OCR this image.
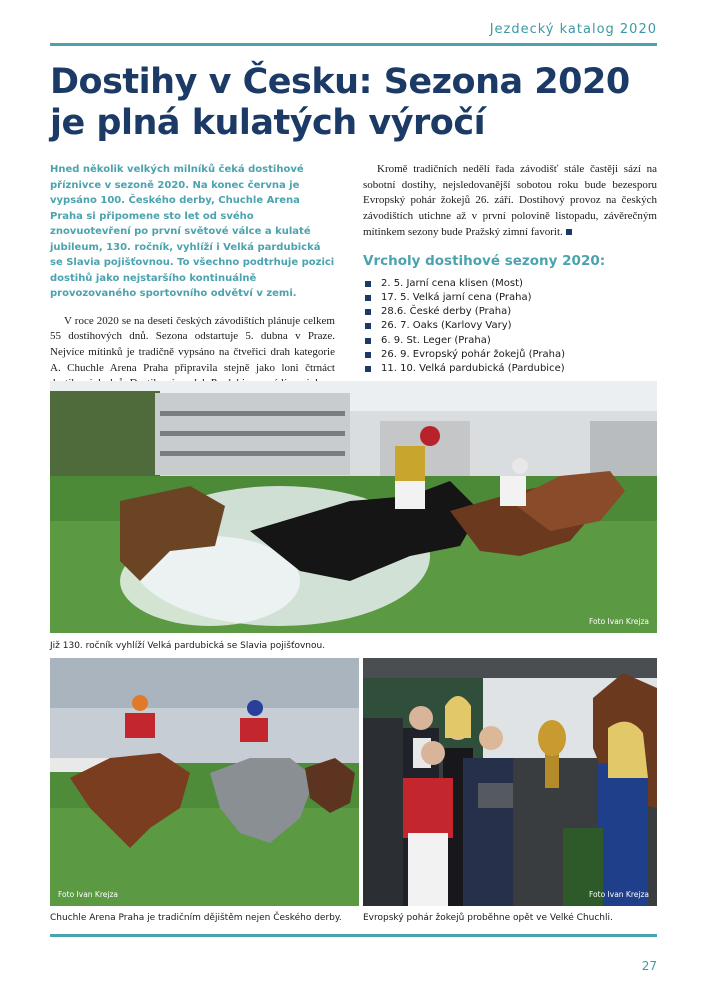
Jezdecký katalog 2020
Dostihy v Česku: Sezona 2020 je plná kulatých výročí

Hned několik velkých milníků čeká dostihové příznivce v sezoně 2020. Na konec června je vypsáno 100. Českého derby, Chuchle Arena Praha si připomene sto let od svého znovuotevření po první světové válce a kulaté jubileum, 130. ročník, vyhlíží i Velká pardubická se Slavia pojišťovnou. To všechno podtrhuje pozici dostihů jako nejstaršího kontinuálně provozovaného sportovního odvětví v zemi.

V roce 2020 se na deseti českých závodištích plánuje celkem 55 dostihových dnů. Sezona odstartuje 5. dubna v Praze. Nejvíce mítinků je tradičně vypsáno na čtveřici drah kategorie A. Chuchle Arena Praha připravila stejně jako loni čtrnáct

Kromě tradičních nedělí řada závodišť stále častěji sází na sobotní dostihy, nejsledovanější sobotou roku bude bezesporu Evropský pohár žokejů 26. září. Dostihový provoz na českých závodištích utichne až v první polovině listopadu, závěrečným mítinkem sezony bude Pražský zimní favorit.

Vrcholy dostihové sezony 2020:
2. 5. Jarní cena klisen (Most)
17. 5. Velká jarní cena (Praha)
28.6. České derby (Praha)
26. 7. Oaks (Karlovy Vary)
6. 9. St. Leger (Praha)
26. 9. Evropský pohár žokejů (Praha)
11. 10. Velká pardubická (Pardubice)
Foto Ivan Krejza
Již 130. ročník vyhlíží Velká pardubická se Slavia pojišťovnou.
Foto Ivan Krejza
Chuchle Arena Praha je tradičním dějištěm nejen Českého derby.
Foto Ivan Krejza
Evropský pohár žokejů proběhne opět ve Velké Chuchli.
27
